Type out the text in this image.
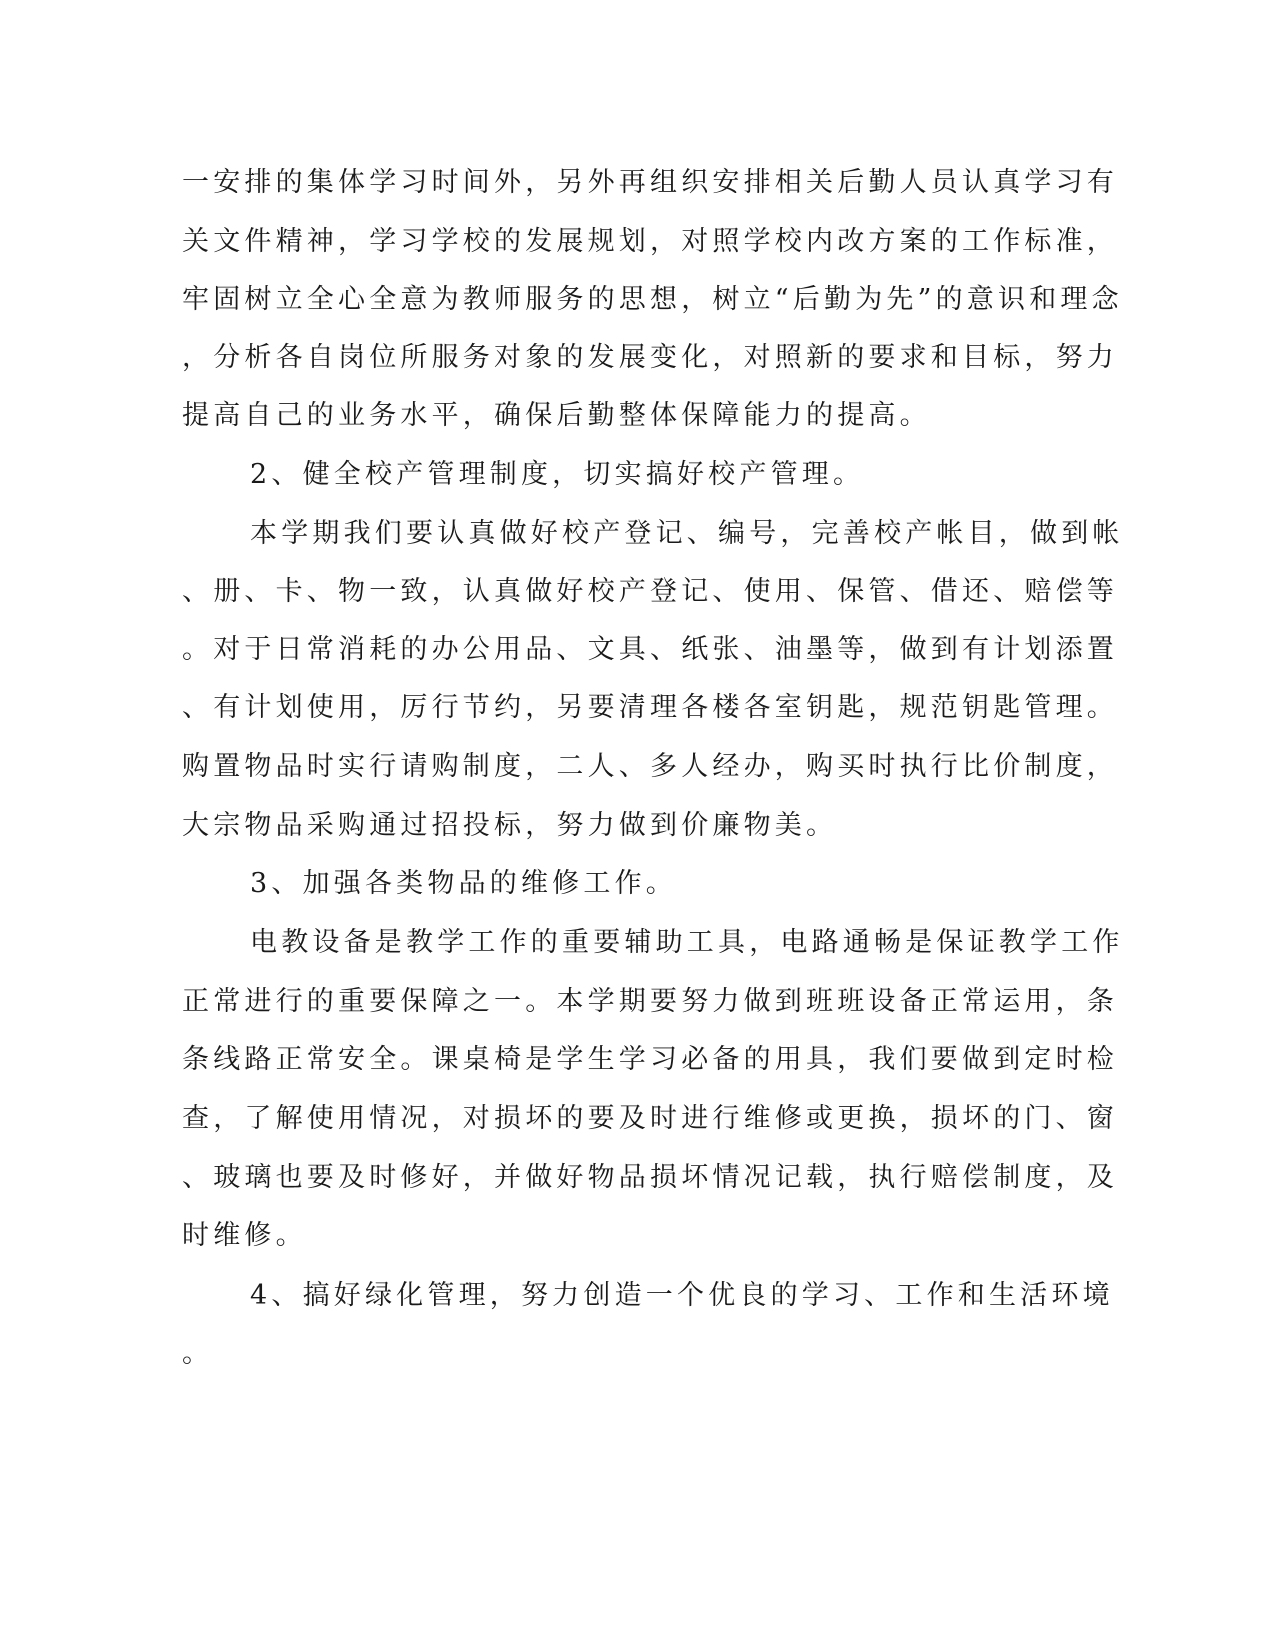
一安排的集体学习时间外，另外再组织安排相关后勤人员认真学习有
关文件精神，学习学校的发展规划，对照学校内改方案的工作标准，
牢固树立全心全意为教师服务的思想，树立“后勤为先”的意识和理念
，分析各自岗位所服务对象的发展变化，对照新的要求和目标，努力
提高自己的业务水平，确保后勤整体保障能力的提高。
2、健全校产管理制度，切实搞好校产管理。
本学期我们要认真做好校产登记、编号，完善校产帐目，做到帐
、册、卡、物一致，认真做好校产登记、使用、保管、借还、赔偿等
。对于日常消耗的办公用品、文具、纸张、油墨等，做到有计划添置
、有计划使用，厉行节约，另要清理各楼各室钥匙，规范钥匙管理。
购置物品时实行请购制度，二人、多人经办，购买时执行比价制度，
大宗物品采购通过招投标，努力做到价廉物美。
3、加强各类物品的维修工作。
电教设备是教学工作的重要辅助工具，电路通畅是保证教学工作
正常进行的重要保障之一。本学期要努力做到班班设备正常运用，条
条线路正常安全。课桌椅是学生学习必备的用具，我们要做到定时检
查，了解使用情况，对损坏的要及时进行维修或更换，损坏的门、窗
、玻璃也要及时修好，并做好物品损坏情况记载，执行赔偿制度，及
时维修。
4、搞好绿化管理，努力创造一个优良的学习、工作和生活环境
。
